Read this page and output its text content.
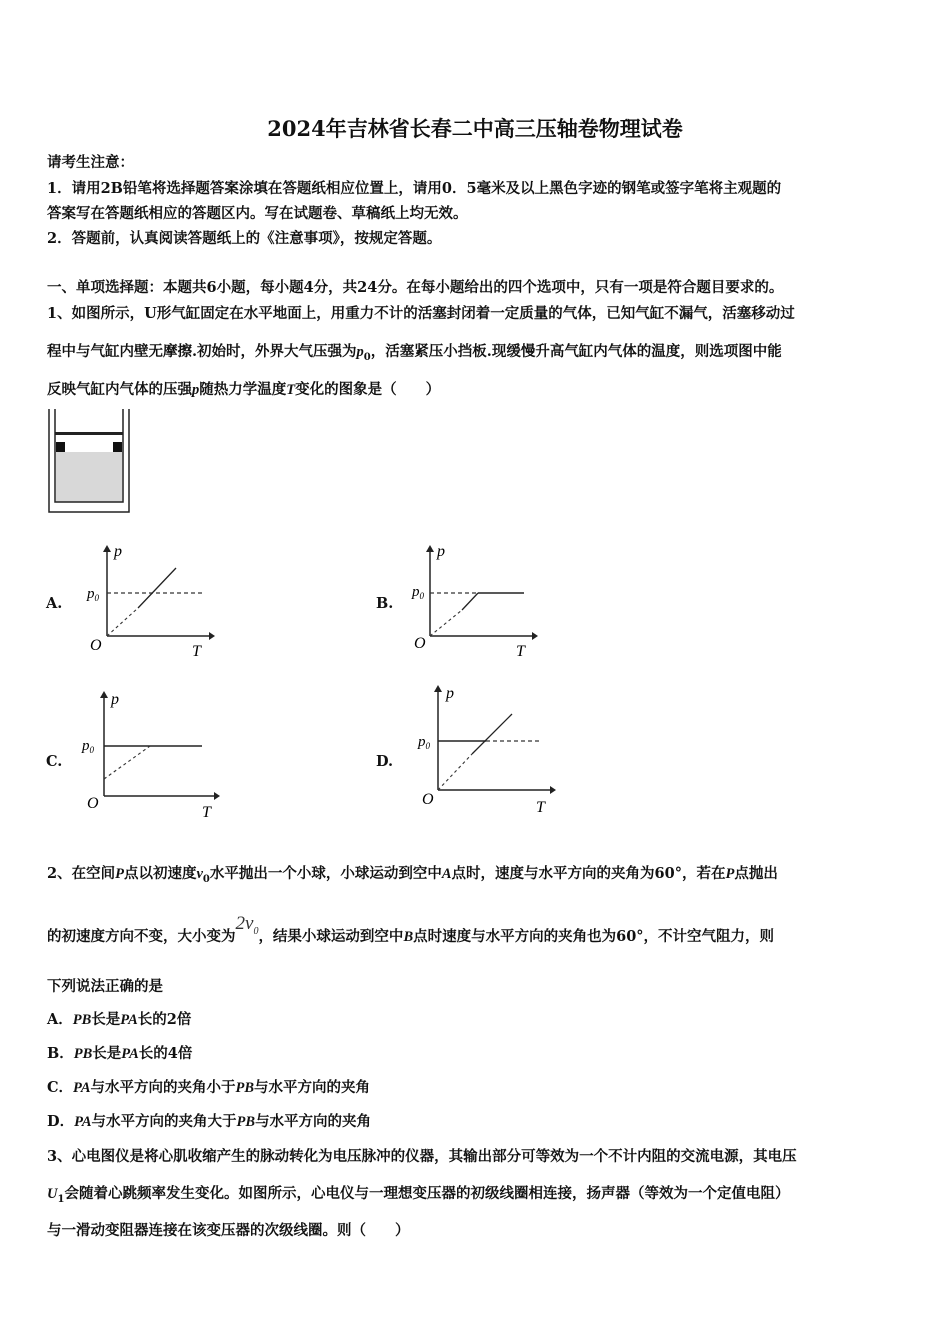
2024年吉林省长春二中高三压轴卷物理试卷
请考生注意：
1．请用2B铅笔将选择题答案涂填在答题纸相应位置上，请用0．5毫米及以上黑色字迹的钢笔或签字笔将主观题的
答案写在答题纸相应的答题区内。写在试题卷、草稿纸上均无效。
2．答题前，认真阅读答题纸上的《注意事项》，按规定答题。
一、单项选择题：本题共6小题，每小题4分，共24分。在每小题给出的四个选项中，只有一项是符合题目要求的。
1、如图所示，U形气缸固定在水平地面上，用重力不计的活塞封闭着一定质量的气体，已知气缸不漏气，活塞移动过
程中与气缸内壁无摩擦.初始时，外界大气压强为$p_0$，活塞紧压小挡板.现缓慢升高气缸内气体的温度，则选项图中能
反映气缸内气体的压强p随热力学温度T变化的图象是（　　）
A.
p
T
O
$p_0$	B.
p
T
O
$p_0$
C.
p
T
O
$p_0$
D.
p
T
O
$p_0$
2、在空间P点以初速度$v_0$水平抛出一个小球，小球运动到空中A点时，速度与水平方向的夹角为60°，若在P点抛出
的初速度方向不变，大小变为$2v_0$，结果小球运动到空中B点时速度与水平方向的夹角也为60°，不计空气阻力，则
下列说法正确的是
A．PB长是PA长的2倍
B．PB长是PA长的4倍
C．PA与水平方向的夹角小于PB与水平方向的夹角
D．PA与水平方向的夹角大于PB与水平方向的夹角
3、心电图仪是将心肌收缩产生的脉动转化为电压脉冲的仪器，其输出部分可等效为一个不计内阻的交流电源，其电压
$U_1$会随着心跳频率发生变化。如图所示，心电仪与一理想变压器的初级线圈相连接，扬声器（等效为一个定值电阻）
与一滑动变阻器连接在该变压器的次级线圈。则（　　）
